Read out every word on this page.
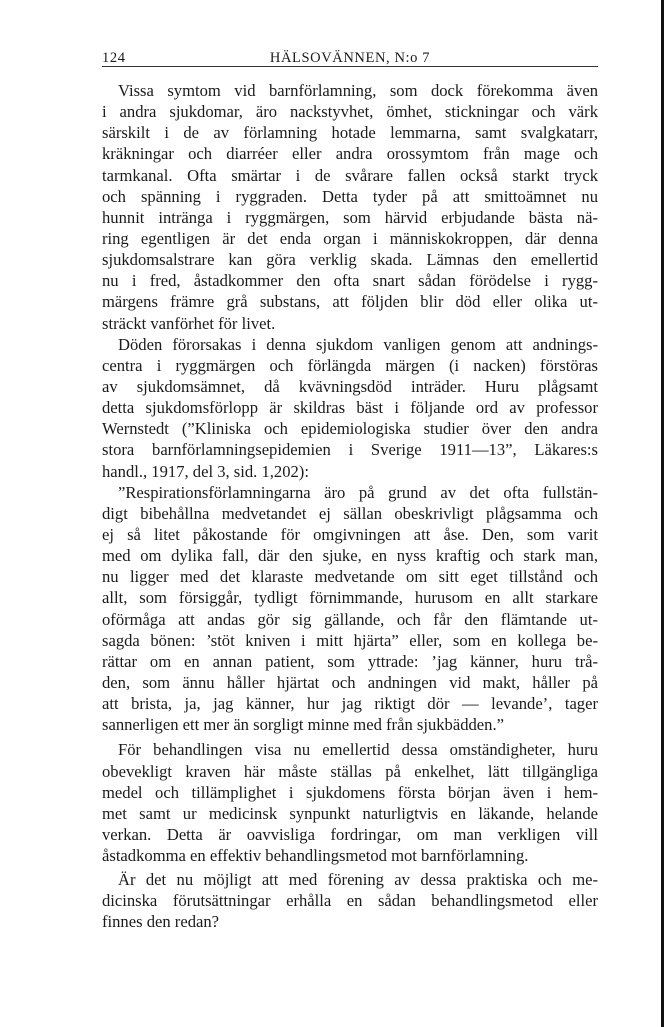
124	HÄLSOVÄNNEN, N:o 7
Vissa symtom vid barnförlamning, som dock förekomma även
i andra sjukdomar, äro nackstyvhet, ömhet, stickningar och värk
särskilt i de av förlamning hotade lemmarna, samt svalgkatarr,
kräkningar och diarréer eller andra orossymtom från mage och
tarmkanal. Ofta smärtar i de svårare fallen också starkt tryck
och spänning i ryggraden. Detta tyder på att smittoämnet nu
hunnit intränga i ryggmärgen, som härvid erbjudande bästa nä-
ring egentligen är det enda organ i människokroppen, där denna
sjukdomsalstrare kan göra verklig skada. Lämnas den emellertid
nu i fred, åstadkommer den ofta snart sådan förödelse i rygg-
märgens främre grå substans, att följden blir död eller olika ut-
sträckt vanförhet för livet.
Döden förorsakas i denna sjukdom vanligen genom att andnings-
centra i ryggmärgen och förlängda märgen (i nacken) förstöras
av sjukdomsämnet, då kvävningsdöd inträder. Huru plågsamt
detta sjukdomsförlopp är skildras bäst i följande ord av professor
Wernstedt (”Kliniska och epidemiologiska studier över den andra
stora barnförlamningsepidemien i Sverige 1911—13”, Läkares:s
handl., 1917, del 3, sid. 1,202):
”Respirationsförlamningarna äro på grund av det ofta fullstän-
digt bibehållna medvetandet ej sällan obeskrivligt plågsamma och
ej så litet påkostande för omgivningen att åse. Den, som varit
med om dylika fall, där den sjuke, en nyss kraftig och stark man,
nu ligger med det klaraste medvetande om sitt eget tillstånd och
allt, som försiggår, tydligt förnimmande, hurusom en allt starkare
oförmåga att andas gör sig gällande, och får den flämtande ut-
sagda bönen: ’stöt kniven i mitt hjärta” eller, som en kollega be-
rättar om en annan patient, som yttrade: ’jag känner, huru trå-
den, som ännu håller hjärtat och andningen vid makt, håller på
att brista, ja, jag känner, hur jag riktigt dör — levande’, tager
sannerligen ett mer än sorgligt minne med från sjukbädden.”
För behandlingen visa nu emellertid dessa omständigheter, huru
obevekligt kraven här måste ställas på enkelhet, lätt tillgängliga
medel och tillämplighet i sjukdomens första början även i hem-
met samt ur medicinsk synpunkt naturligtvis en läkande, helande
verkan. Detta är oavvisliga fordringar, om man verkligen vill
åstadkomma en effektiv behandlingsmetod mot barnförlamning.
Är det nu möjligt att med förening av dessa praktiska och me-
dicinska förutsättningar erhålla en sådan behandlingsmetod eller
finnes den redan?
